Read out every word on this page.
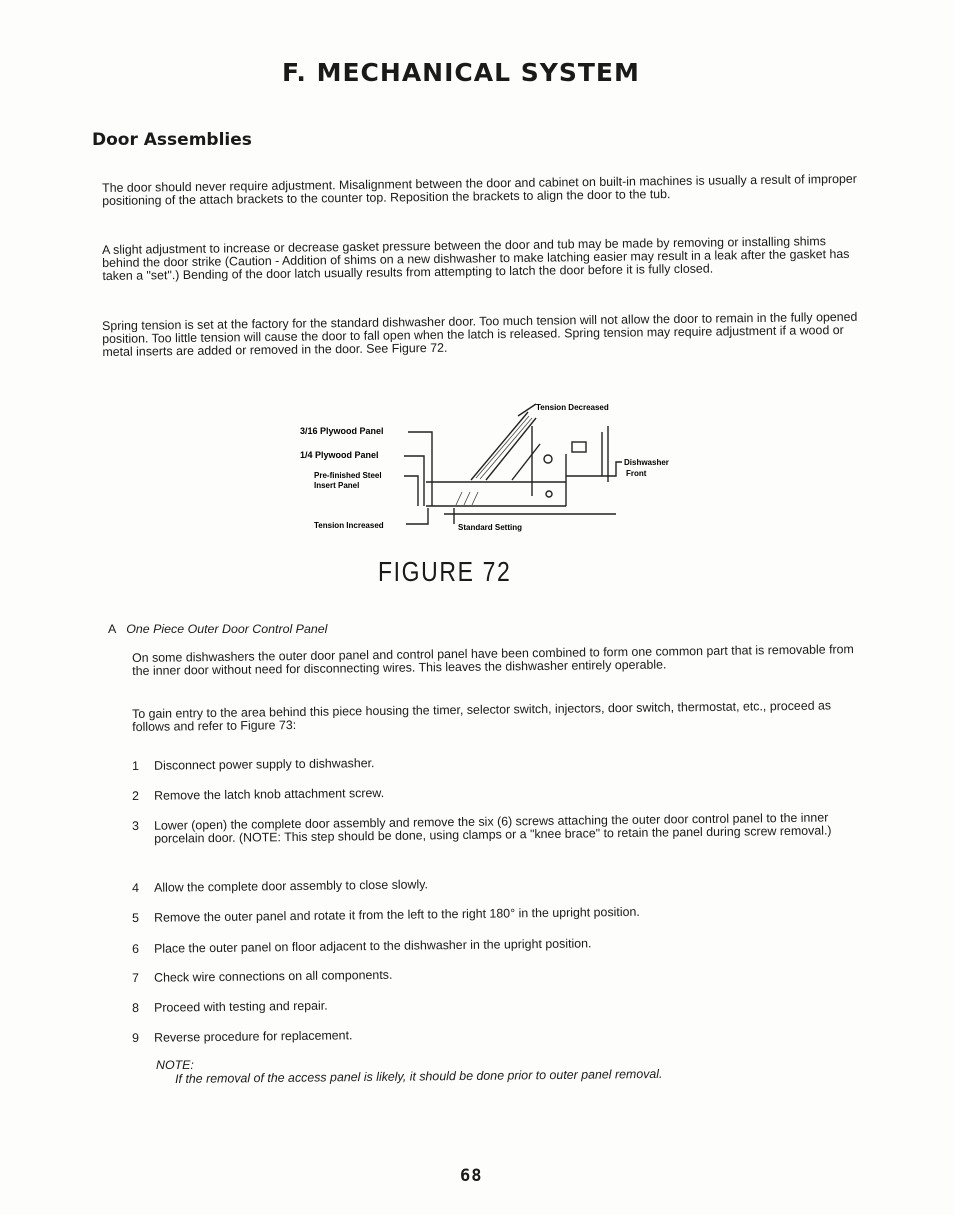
F. MECHANICAL SYSTEM
Door Assemblies

The door should never require adjustment. Misalignment between the door and cabinet on built-in machines is usually a result of improper positioning of the attach brackets to the counter top. Reposition the brackets to align the door to the tub.

A slight adjustment to increase or decrease gasket pressure between the door and tub may be made by removing or installing shims behind the door strike (Caution - Addition of shims on a new dishwasher to make latching easier may result in a leak after the gasket has taken a "set".) Bending of the door latch usually results from attempting to latch the door before it is fully closed.

Spring tension is set at the factory for the standard dishwasher door. Too much tension will not allow the door to remain in the fully opened position. Too little tension will cause the door to fall open when the latch is released. Spring tension may require adjustment if a wood or metal inserts are added or removed in the door. See Figure 72.

3/16 Plywood Panel
1/4 Plywood Panel
Pre-finished Steel
Insert Panel
Tension Decreased
Tension Increased	Standard Setting
Dishwasher
Front

FIGURE 72

A One Piece Outer Door Control Panel

On some dishwashers the outer door panel and control panel have been combined to form one common part that is removable from the inner door without need for disconnecting wires. This leaves the dishwasher entirely operable.

To gain entry to the area behind this piece housing the timer, selector switch, injectors, door switch, thermostat, etc., proceed as follows and refer to Figure 73:

1	Disconnect power supply to dishwasher.
2	Remove the latch knob attachment screw.
3	Lower (open) the complete door assembly and remove the six (6) screws attaching the outer door control panel to the inner porcelain door. (NOTE: This step should be done, using clamps or a "knee brace" to retain the panel during screw removal.)
4	Allow the complete door assembly to close slowly.
5	Remove the outer panel and rotate it from the left to the right 180° in the upright position.
6	Place the outer panel on floor adjacent to the dishwasher in the upright position.
7	Check wire connections on all components.
8	Proceed with testing and repair.
9	Reverse procedure for replacement.

NOTE:

If the removal of the access panel is likely, it should be done prior to outer panel removal.

68
